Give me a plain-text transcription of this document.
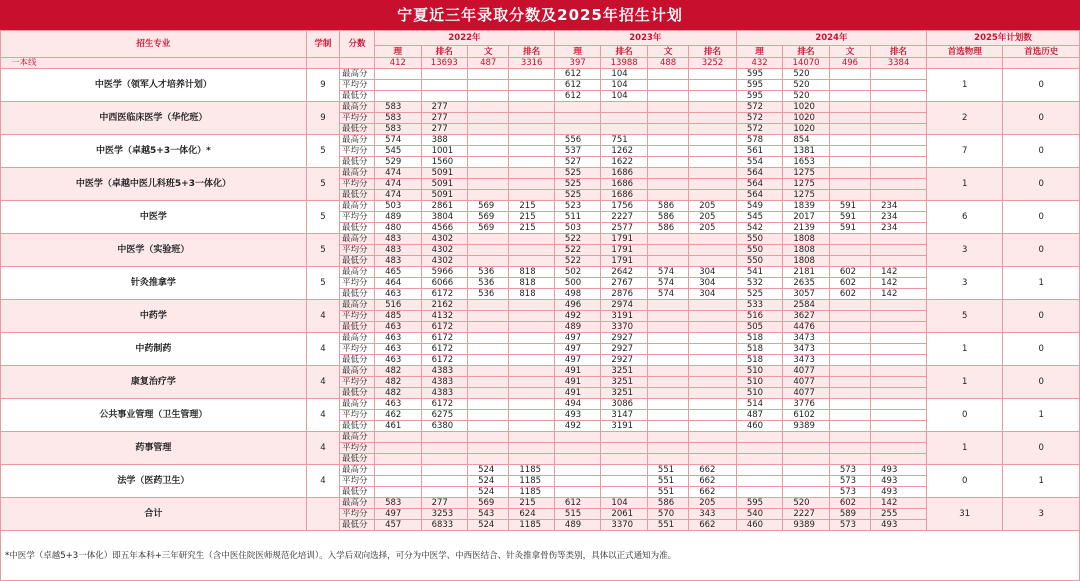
宁夏近三年录取分数及2025年招生计划
招生专业	学制	分数	2022年				2023年				2024年				2025年计划数	
			理	排名	文	排名	理	排名	文	排名	理	排名	文	排名	首选物理	首选历史
一本线			412	13693	487	3316	397	13988	488	3252	432	14070	496	3384		
中医学（领军人才培养计划）	9	最高分					612	104			595	520			1	0
		平均分					612	104			595	520				
		最低分					612	104			595	520				
中西医临床医学（华佗班）	9	最高分	583	277							572	1020			2	0
		平均分	583	277							572	1020				
		最低分	583	277							572	1020				
中医学（卓越5+3一体化）*	5	最高分	574	388			556	751			578	854			7	0
		平均分	545	1001			537	1262			561	1381				
		最低分	529	1560			527	1622			554	1653				
中医学（卓越中医儿科班5+3一体化）	5	最高分	474	5091			525	1686			564	1275			1	0
		平均分	474	5091			525	1686			564	1275				
		最低分	474	5091			525	1686			564	1275				
中医学	5	最高分	503	2861	569	215	523	1756	586	205	549	1839	591	234	6	0
		平均分	489	3804	569	215	511	2227	586	205	545	2017	591	234		
		最低分	480	4566	569	215	503	2577	586	205	542	2139	591	234		
中医学（实验班）	5	最高分	483	4302			522	1791			550	1808			3	0
		平均分	483	4302			522	1791			550	1808				
		最低分	483	4302			522	1791			550	1808				
针灸推拿学	5	最高分	465	5966	536	818	502	2642	574	304	541	2181	602	142	3	1
		平均分	464	6066	536	818	500	2767	574	304	532	2635	602	142		
		最低分	463	6172	536	818	498	2876	574	304	525	3057	602	142		
中药学	4	最高分	516	2162			496	2974			533	2584			5	0
		平均分	485	4132			492	3191			516	3627				
		最低分	463	6172			489	3370			505	4476				
中药制药	4	最高分	463	6172			497	2927			518	3473			1	0
		平均分	463	6172			497	2927			518	3473				
		最低分	463	6172			497	2927			518	3473				
康复治疗学	4	最高分	482	4383			491	3251			510	4077			1	0
		平均分	482	4383			491	3251			510	4077				
		最低分	482	4383			491	3251			510	4077				
公共事业管理（卫生管理）	4	最高分	463	6172			494	3086			514	3776			0	1
		平均分	462	6275			493	3147			487	6102				
		最低分	461	6380			492	3191			460	9389				
药事管理	4	最高分													1	0
		平均分														
		最低分														
法学（医药卫生）	4	最高分			524	1185			551	662			573	493	0	1
		平均分			524	1185			551	662			573	493		
		最低分			524	1185			551	662			573	493		
合计		最高分	583	277	569	215	612	104	586	205	595	520	602	142	31	3
		平均分	497	3253	543	624	515	2061	570	343	540	2227	589	255		
		最低分	457	6833	524	1185	489	3370	551	662	460	9389	573	493		
*中医学（卓越5+3一体化）即五年本科+三年研究生（含中医住院医师规范化培训）。入学后双向选择，可分为中医学、中西医结合、针灸推拿骨伤等类别，具体以正式通知为准。
